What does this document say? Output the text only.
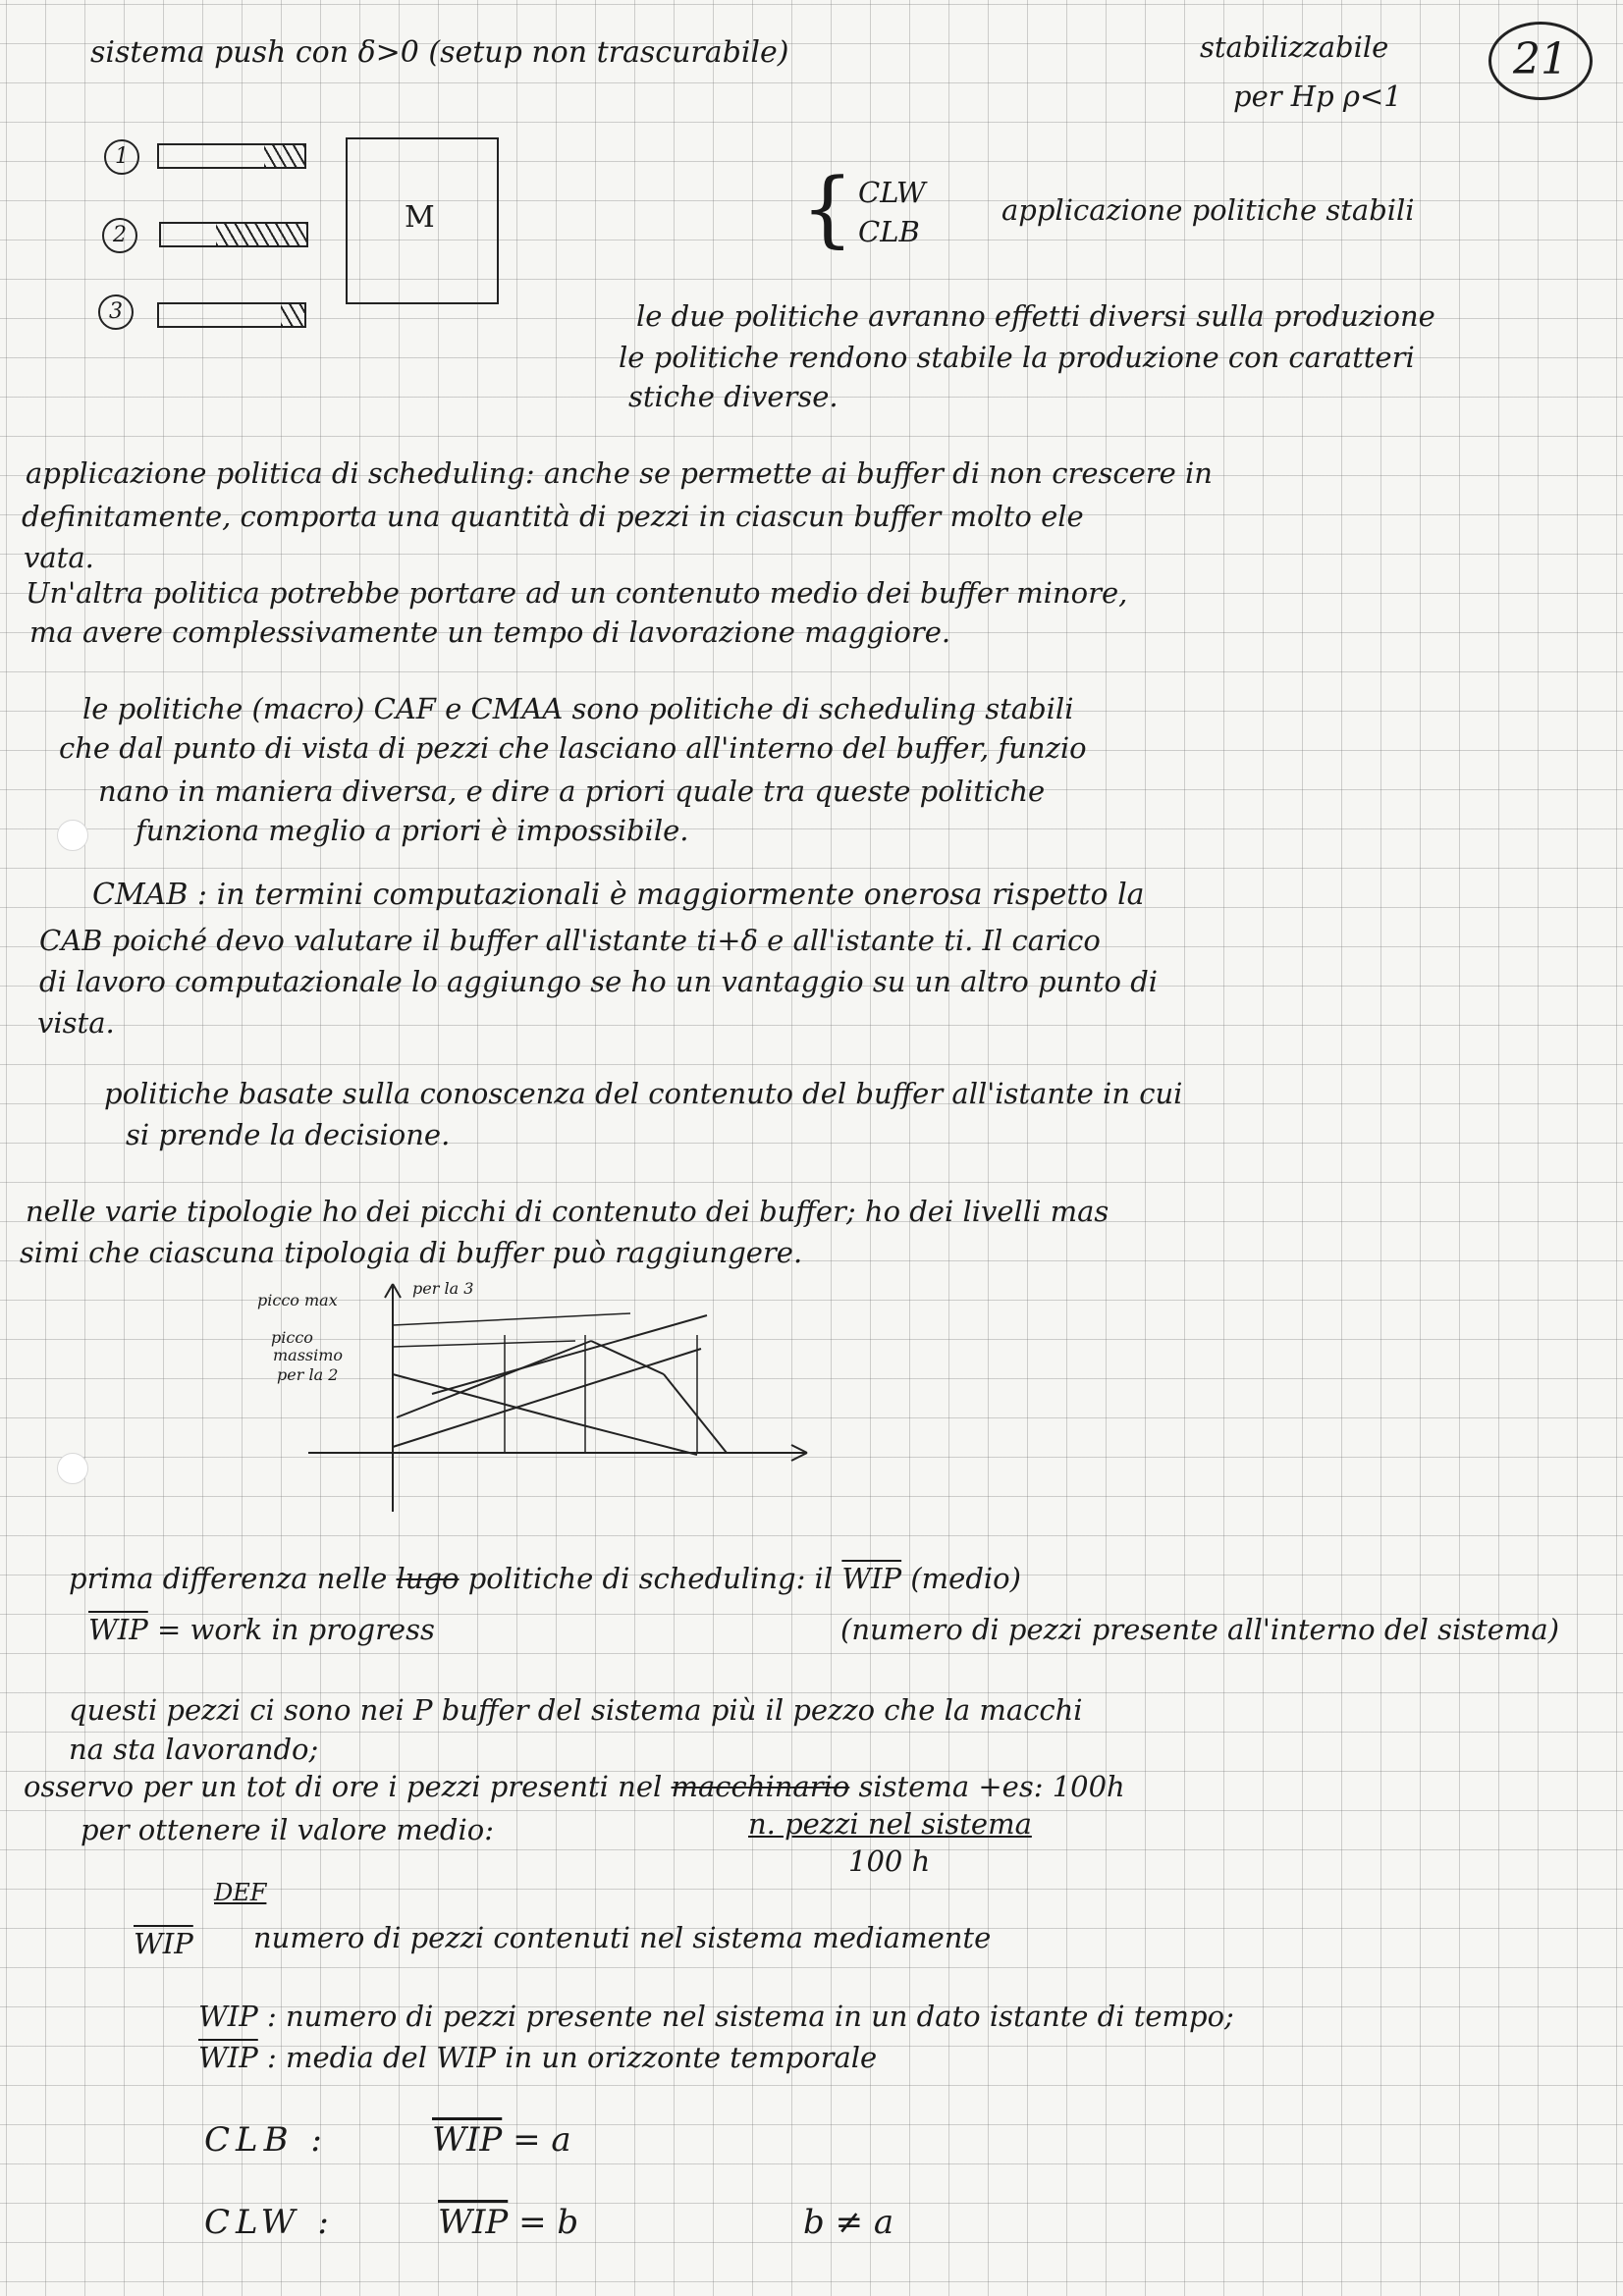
sistema push con δ>0 (setup non trascurabile)	stabilizzabile
per Hp ρ<1
21
1
2
3
M	{ CLW
CLB
applicazione politiche stabili
le due politiche avranno effetti diversi sulla produzione
le politiche rendono stabile la produzione con caratteri
stiche diverse.
applicazione politica di scheduling: anche se permette ai buffer di non crescere in
definitamente, comporta una quantità di pezzi in ciascun buffer molto ele
vata.
Un'altra politica potrebbe portare ad un contenuto medio dei buffer minore,
ma avere complessivamente un tempo di lavorazione maggiore.
le politiche (macro) CAF e CMAA sono politiche di scheduling stabili
che dal punto di vista di pezzi che lasciano all'interno del buffer, funzio
nano in maniera diversa, e dire a priori quale tra queste politiche
funziona meglio a priori è impossibile.
CMAB : in termini computazionali è maggiormente onerosa rispetto la
CAB poiché devo valutare il buffer all'istante ti+δ e all'istante ti. Il carico
di lavoro computazionale lo aggiungo se ho un vantaggio su un altro punto di
vista.
politiche basate sulla conoscenza del contenuto del buffer all'istante in cui
si prende la decisione.
nelle varie tipologie ho dei picchi di contenuto dei buffer; ho dei livelli mas
simi che ciascuna tipologia di buffer può raggiungere.
picco max
per la 3
picco
massimo
per la 2
prima differenza nelle lugo politiche di scheduling: il $\overline{WIP}$ (medio)
$\overline{WIP}$ = work in progress	(numero di pezzi presente all'interno del sistema)
questi pezzi ci sono nei P buffer del sistema più il pezzo che la macchi
na sta lavorando;
osservo per un tot di ore i pezzi presenti nel macchinario sistema +es: 100h
per ottenere il valore medio:	n. pezzi nel sistema
100 h
DEF
$\overline{WIP}$ numero di pezzi contenuti nel sistema mediamente
WIP : numero di pezzi presente nel sistema in un dato istante di tempo;
$\overline{WIP}$ : media del WIP in un orizzonte temporale
CLB :	$\overline{WIP} = a$
CLW :	$\overline{WIP} = b$	b ≠ a
